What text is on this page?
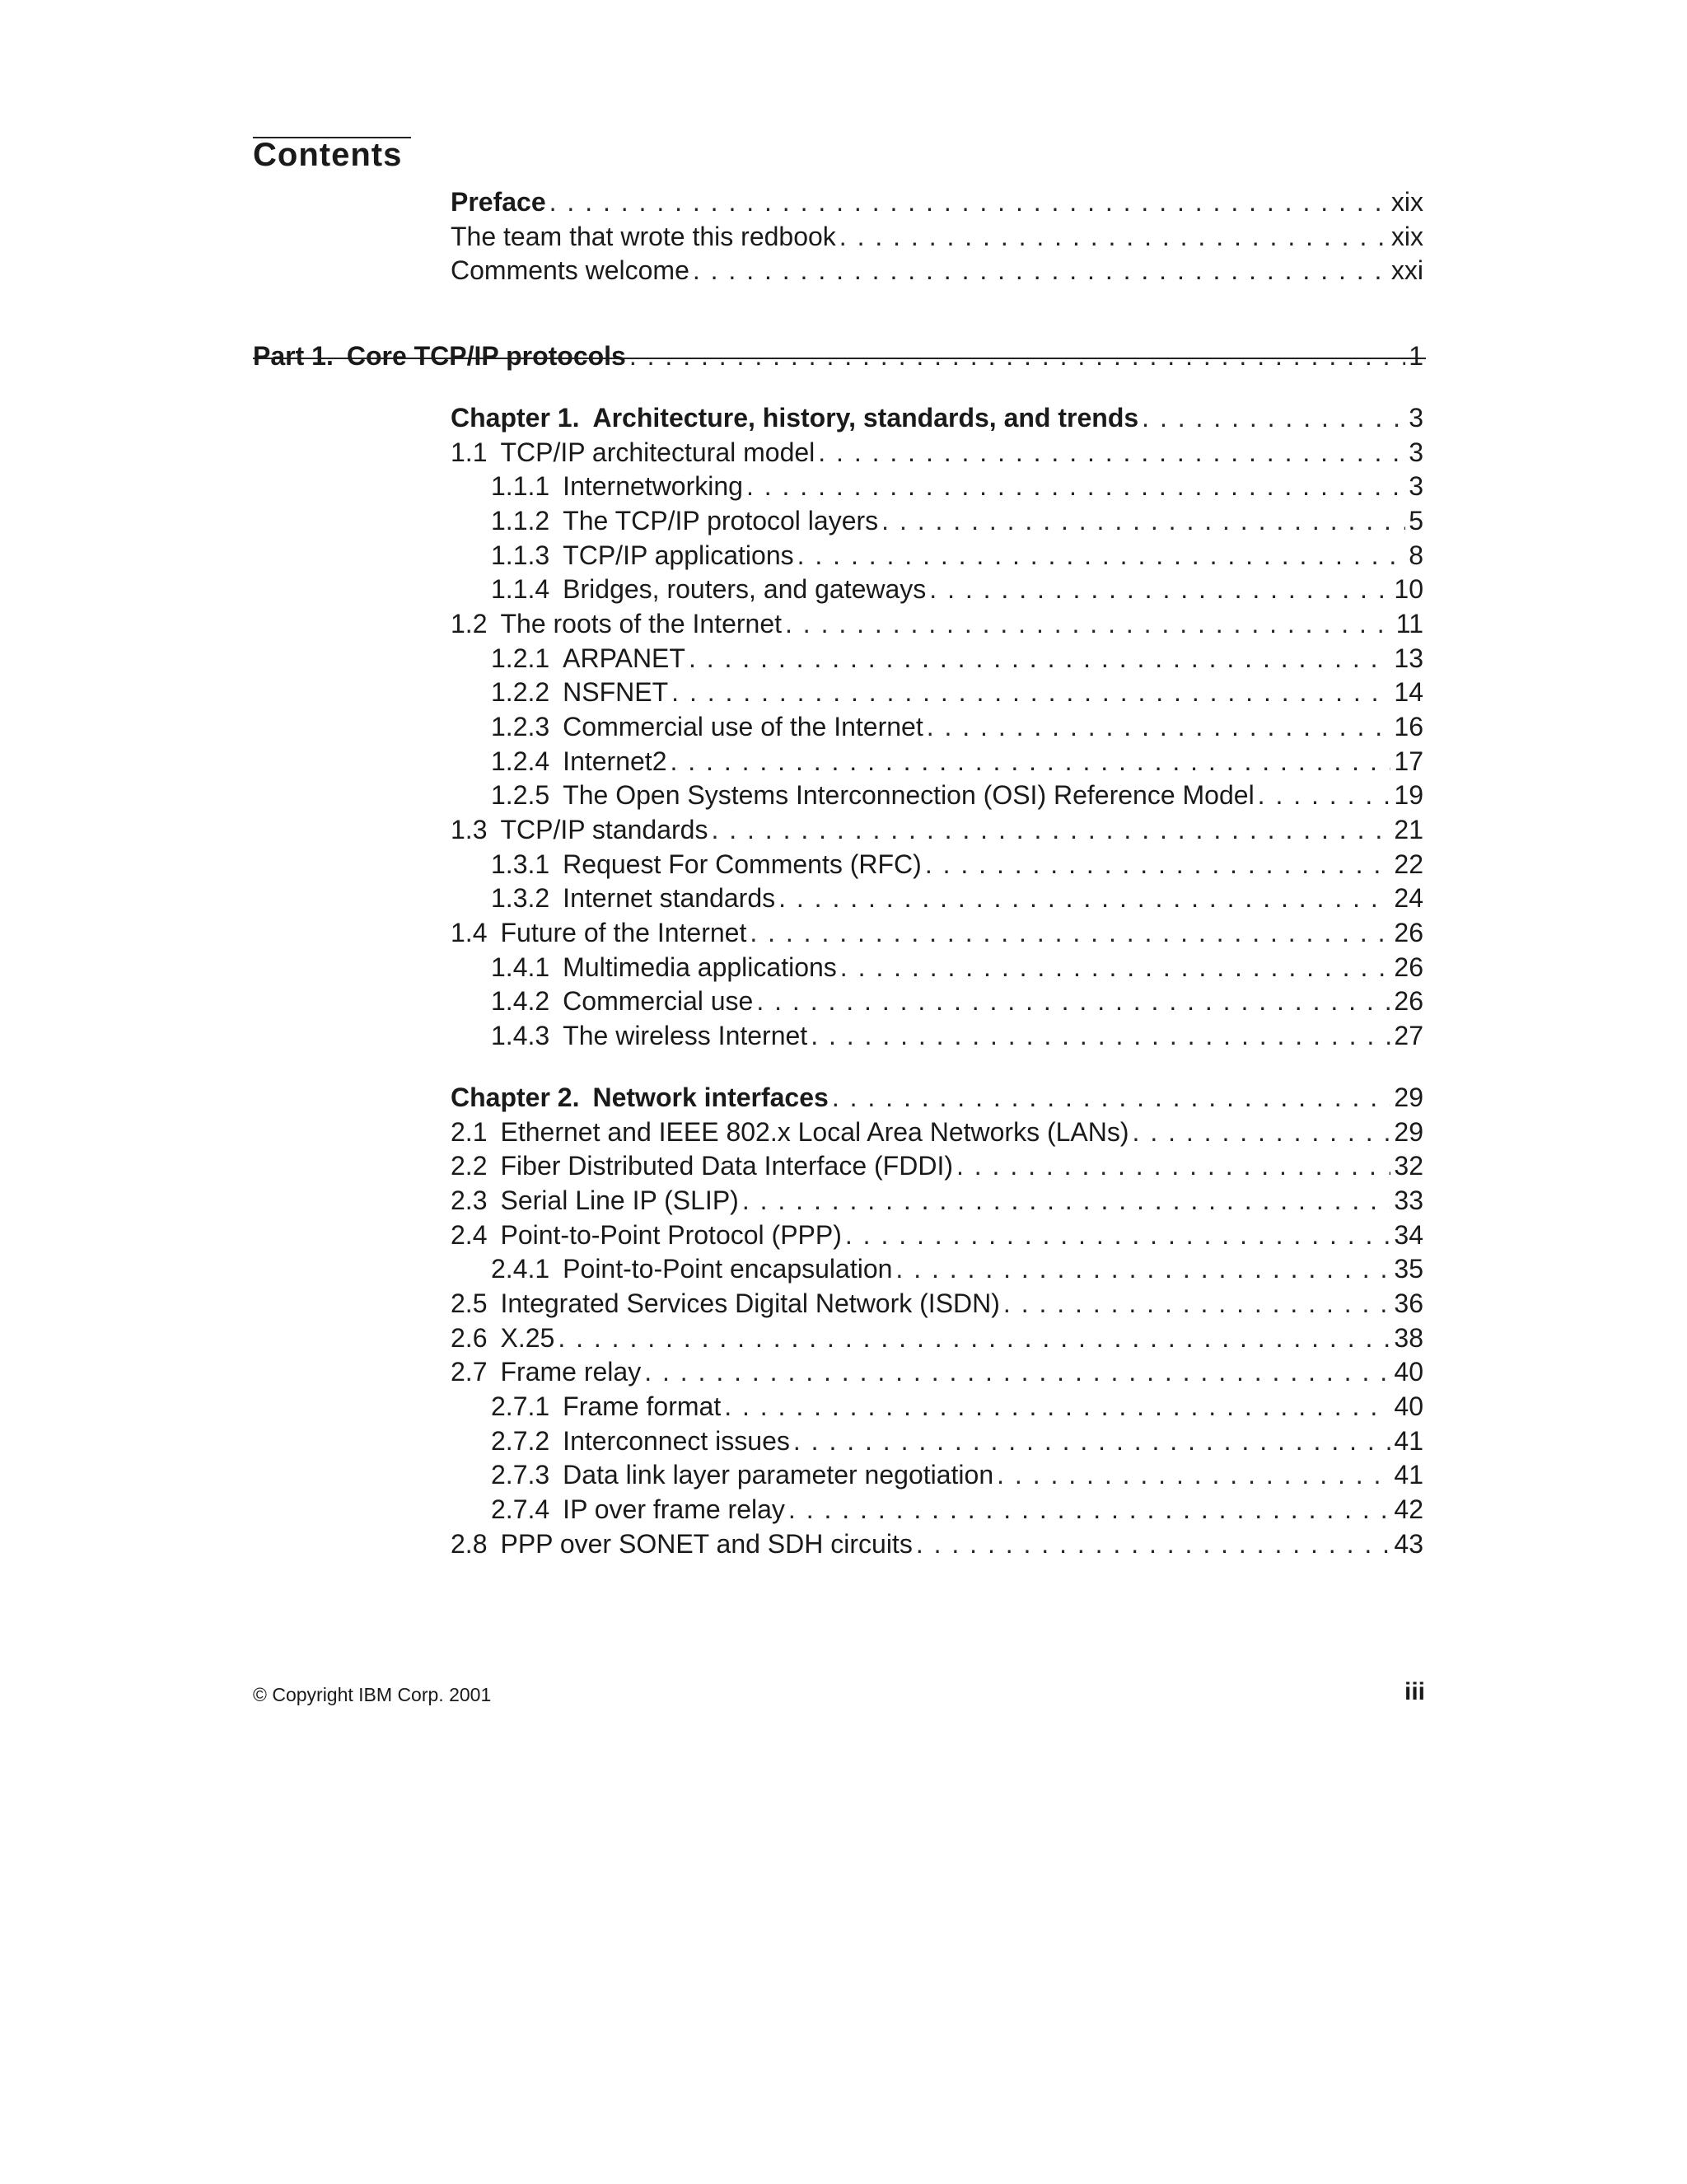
Contents
Preface . . .	xix
The team that wrote this redbook . . .	xix
Comments welcome . . .	xxi
Part 1. Core TCP/IP protocols . . .	1
Chapter 1. Architecture, history, standards, and trends . . .	3
1.1 TCP/IP architectural model . . .	3
1.1.1 Internetworking . . .	3
1.1.2 The TCP/IP protocol layers . . .	5
1.1.3 TCP/IP applications . . .	8
1.1.4 Bridges, routers, and gateways . . .	10
1.2 The roots of the Internet . . .	11
1.2.1 ARPANET . . .	13
1.2.2 NSFNET . . .	14
1.2.3 Commercial use of the Internet . . .	16
1.2.4 Internet2 . . .	17
1.2.5 The Open Systems Interconnection (OSI) Reference Model . . .	19
1.3 TCP/IP standards . . .	21
1.3.1 Request For Comments (RFC) . . .	22
1.3.2 Internet standards . . .	24
1.4 Future of the Internet . . .	26
1.4.1 Multimedia applications . . .	26
1.4.2 Commercial use . . .	26
1.4.3 The wireless Internet . . .	27
Chapter 2. Network interfaces . . .	29
2.1 Ethernet and IEEE 802.x Local Area Networks (LANs) . . .	29
2.2 Fiber Distributed Data Interface (FDDI) . . .	32
2.3 Serial Line IP (SLIP) . . .	33
2.4 Point-to-Point Protocol (PPP) . . .	34
2.4.1 Point-to-Point encapsulation . . .	35
2.5 Integrated Services Digital Network (ISDN) . . .	36
2.6 X.25 . . .	38
2.7 Frame relay . . .	40
2.7.1 Frame format . . .	40
2.7.2 Interconnect issues . . .	41
2.7.3 Data link layer parameter negotiation . . .	41
2.7.4 IP over frame relay . . .	42
2.8 PPP over SONET and SDH circuits . . .	43
© Copyright IBM Corp. 2001	iii
